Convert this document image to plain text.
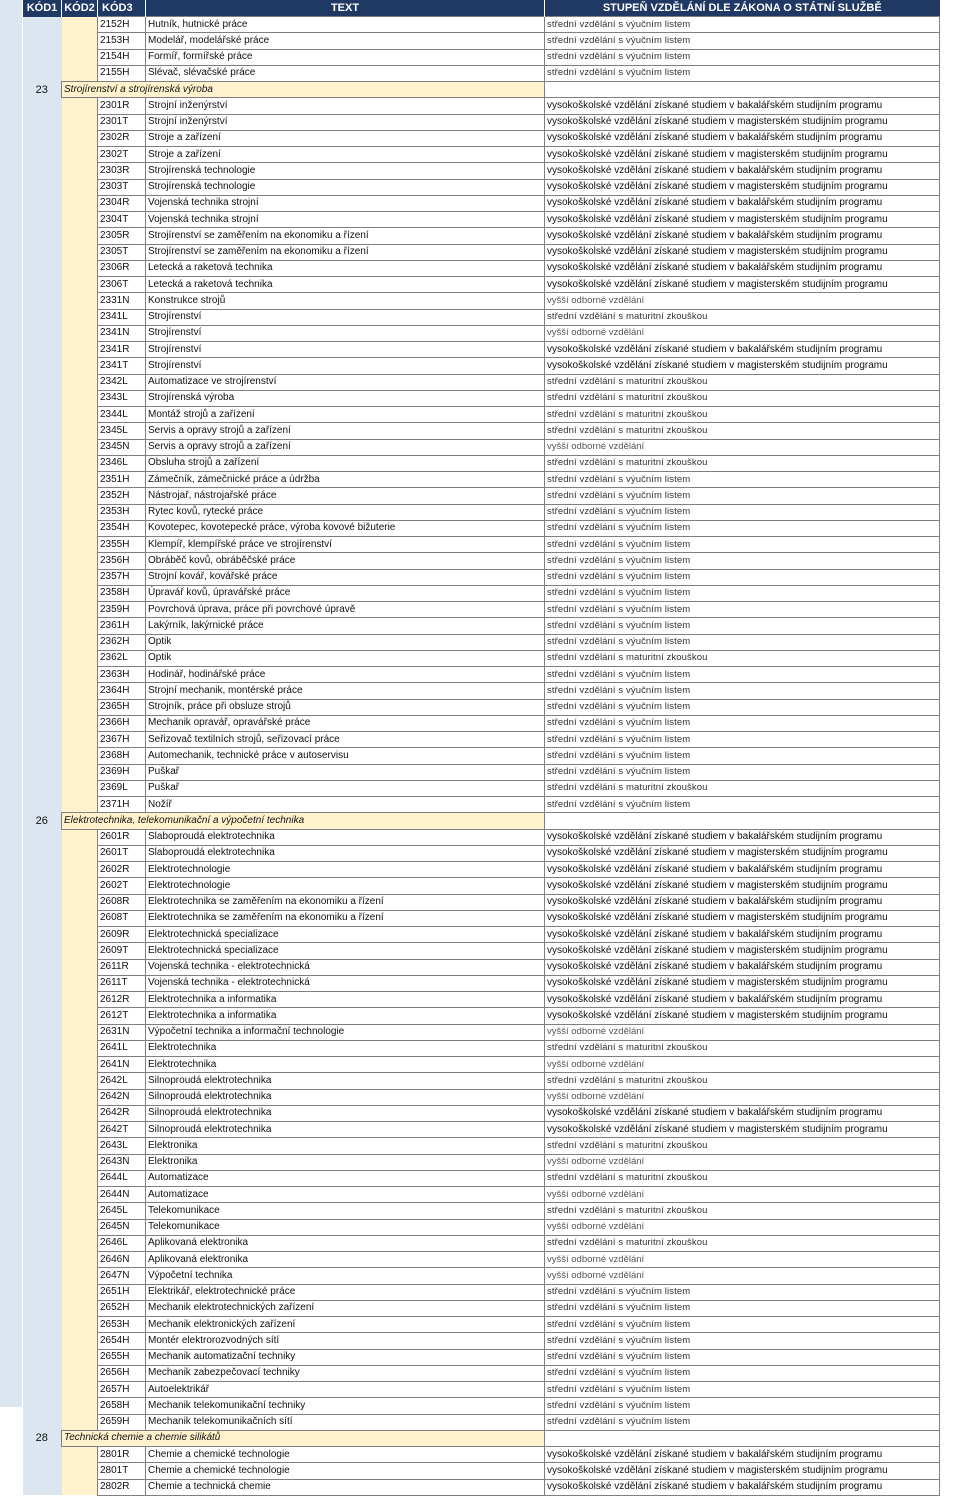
KÓD1	KÓD2	KÓD3	TEXT	STUPEŇ VZDĚLÁNÍ DLE ZÁKONA O STÁTNÍ SLUŽBĚ
		2152H	Hutník, hutnické práce	střední vzdělání s výučním listem
		2153H	Modelář, modelářské práce	střední vzdělání s výučním listem
		2154H	Formíř, formířské práce	střední vzdělání s výučním listem
		2155H	Slévač, slévačské práce	střední vzdělání s výučním listem
23	Strojírenství a strojírenská výroba			
		2301R	Strojní inženýrství	vysokoškolské vzdělání získané studiem v bakalářském studijním programu
		2301T	Strojní inženýrství	vysokoškolské vzdělání získané studiem v magisterském studijním programu
		2302R	Stroje a zařízení	vysokoškolské vzdělání získané studiem v bakalářském studijním programu
		2302T	Stroje a zařízení	vysokoškolské vzdělání získané studiem v magisterském studijním programu
		2303R	Strojírenská technologie	vysokoškolské vzdělání získané studiem v bakalářském studijním programu
		2303T	Strojírenská technologie	vysokoškolské vzdělání získané studiem v magisterském studijním programu
		2304R	Vojenská technika strojní	vysokoškolské vzdělání získané studiem v bakalářském studijním programu
		2304T	Vojenská technika strojní	vysokoškolské vzdělání získané studiem v magisterském studijním programu
		2305R	Strojírenství se zaměřením na ekonomiku a řízení	vysokoškolské vzdělání získané studiem v bakalářském studijním programu
		2305T	Strojírenství se zaměřením na ekonomiku a řízení	vysokoškolské vzdělání získané studiem v magisterském studijním programu
		2306R	Letecká a raketová technika	vysokoškolské vzdělání získané studiem v bakalářském studijním programu
		2306T	Letecká a raketová technika	vysokoškolské vzdělání získané studiem v magisterském studijním programu
		2331N	Konstrukce strojů	vyšší odborné vzdělání
		2341L	Strojírenství	střední vzdělání s maturitní zkouškou
		2341N	Strojírenství	vyšší odborné vzdělání
		2341R	Strojírenství	vysokoškolské vzdělání získané studiem v bakalářském studijním programu
		2341T	Strojírenství	vysokoškolské vzdělání získané studiem v magisterském studijním programu
		2342L	Automatizace ve strojírenství	střední vzdělání s maturitní zkouškou
		2343L	Strojírenská výroba	střední vzdělání s maturitní zkouškou
		2344L	Montáž strojů a zařízení	střední vzdělání s maturitní zkouškou
		2345L	Servis a opravy strojů a zařízení	střední vzdělání s maturitní zkouškou
		2345N	Servis a opravy strojů a zařízení	vyšší odborné vzdělání
		2346L	Obsluha strojů a zařízení	střední vzdělání s maturitní zkouškou
		2351H	Zámečník, zámečnické práce a údržba	střední vzdělání s výučním listem
		2352H	Nástrojař, nástrojařské práce	střední vzdělání s výučním listem
		2353H	Rytec kovů, rytecké práce	střední vzdělání s výučním listem
		2354H	Kovotepec, kovotepecké práce, výroba kovové bižuterie	střední vzdělání s výučním listem
		2355H	Klempíř, klempířské práce ve strojírenství	střední vzdělání s výučním listem
		2356H	Obráběč kovů, obráběčské práce	střední vzdělání s výučním listem
		2357H	Strojní kovář, kovářské práce	střední vzdělání s výučním listem
		2358H	Úpravář kovů, úpravářské práce	střední vzdělání s výučním listem
		2359H	Povrchová úprava, práce při povrchové úpravě	střední vzdělání s výučním listem
		2361H	Lakýrník, lakýrnické práce	střední vzdělání s výučním listem
		2362H	Optik	střední vzdělání s výučním listem
		2362L	Optik	střední vzdělání s maturitní zkouškou
		2363H	Hodinář, hodinářské práce	střední vzdělání s výučním listem
		2364H	Strojní mechanik, montérské práce	střední vzdělání s výučním listem
		2365H	Strojník, práce při obsluze strojů	střední vzdělání s výučním listem
		2366H	Mechanik opravář, opravářské práce	střední vzdělání s výučním listem
		2367H	Seřizovač textilních strojů, seřizovací práce	střední vzdělání s výučním listem
		2368H	Automechanik, technické práce v autoservisu	střední vzdělání s výučním listem
		2369H	Puškař	střední vzdělání s výučním listem
		2369L	Puškař	střední vzdělání s maturitní zkouškou
		2371H	Nožíř	střední vzdělání s výučním listem
26	Elektrotechnika, telekomunikační a výpočetní technika			
		2601R	Slaboproudá elektrotechnika	vysokoškolské vzdělání získané studiem v bakalářském studijním programu
		2601T	Slaboproudá elektrotechnika	vysokoškolské vzdělání získané studiem v magisterském studijním programu
		2602R	Elektrotechnologie	vysokoškolské vzdělání získané studiem v bakalářském studijním programu
		2602T	Elektrotechnologie	vysokoškolské vzdělání získané studiem v magisterském studijním programu
		2608R	Elektrotechnika se zaměřením na ekonomiku a řízení	vysokoškolské vzdělání získané studiem v bakalářském studijním programu
		2608T	Elektrotechnika se zaměřením na ekonomiku a řízení	vysokoškolské vzdělání získané studiem v magisterském studijním programu
		2609R	Elektrotechnická specializace	vysokoškolské vzdělání získané studiem v bakalářském studijním programu
		2609T	Elektrotechnická specializace	vysokoškolské vzdělání získané studiem v magisterském studijním programu
		2611R	Vojenská technika - elektrotechnická	vysokoškolské vzdělání získané studiem v bakalářském studijním programu
		2611T	Vojenská technika - elektrotechnická	vysokoškolské vzdělání získané studiem v magisterském studijním programu
		2612R	Elektrotechnika a informatika	vysokoškolské vzdělání získané studiem v bakalářském studijním programu
		2612T	Elektrotechnika a informatika	vysokoškolské vzdělání získané studiem v magisterském studijním programu
		2631N	Výpočetní technika a informační technologie	vyšší odborné vzdělání
		2641L	Elektrotechnika	střední vzdělání s maturitní zkouškou
		2641N	Elektrotechnika	vyšší odborné vzdělání
		2642L	Silnoproudá elektrotechnika	střední vzdělání s maturitní zkouškou
		2642N	Silnoproudá elektrotechnika	vyšší odborné vzdělání
		2642R	Silnoproudá elektrotechnika	vysokoškolské vzdělání získané studiem v bakalářském studijním programu
		2642T	Silnoproudá elektrotechnika	vysokoškolské vzdělání získané studiem v magisterském studijním programu
		2643L	Elektronika	střední vzdělání s maturitní zkouškou
		2643N	Elektronika	vyšší odborné vzdělání
		2644L	Automatizace	střední vzdělání s maturitní zkouškou
		2644N	Automatizace	vyšší odborné vzdělání
		2645L	Telekomunikace	střední vzdělání s maturitní zkouškou
		2645N	Telekomunikace	vyšší odborné vzdělání
		2646L	Aplikovaná elektronika	střední vzdělání s maturitní zkouškou
		2646N	Aplikovaná elektronika	vyšší odborné vzdělání
		2647N	Výpočetní technika	vyšší odborné vzdělání
		2651H	Elektrikář, elektrotechnické práce	střední vzdělání s výučním listem
		2652H	Mechanik elektrotechnických zařízení	střední vzdělání s výučním listem
		2653H	Mechanik elektronických zařízení	střední vzdělání s výučním listem
		2654H	Montér elektrorozvodných sítí	střední vzdělání s výučním listem
		2655H	Mechanik automatizační techniky	střední vzdělání s výučním listem
		2656H	Mechanik zabezpečovací techniky	střední vzdělání s výučním listem
		2657H	Autoelektrikář	střední vzdělání s výučním listem
		2658H	Mechanik telekomunikační techniky	střední vzdělání s výučním listem
		2659H	Mechanik telekomunikačních sítí	střední vzdělání s výučním listem
28	Technická chemie a chemie silikátů			
		2801R	Chemie a chemické technologie	vysokoškolské vzdělání získané studiem v bakalářském studijním programu
		2801T	Chemie a chemické technologie	vysokoškolské vzdělání získané studiem v magisterském studijním programu
		2802R	Chemie a technická chemie	vysokoškolské vzdělání získané studiem v bakalářském studijním programu
